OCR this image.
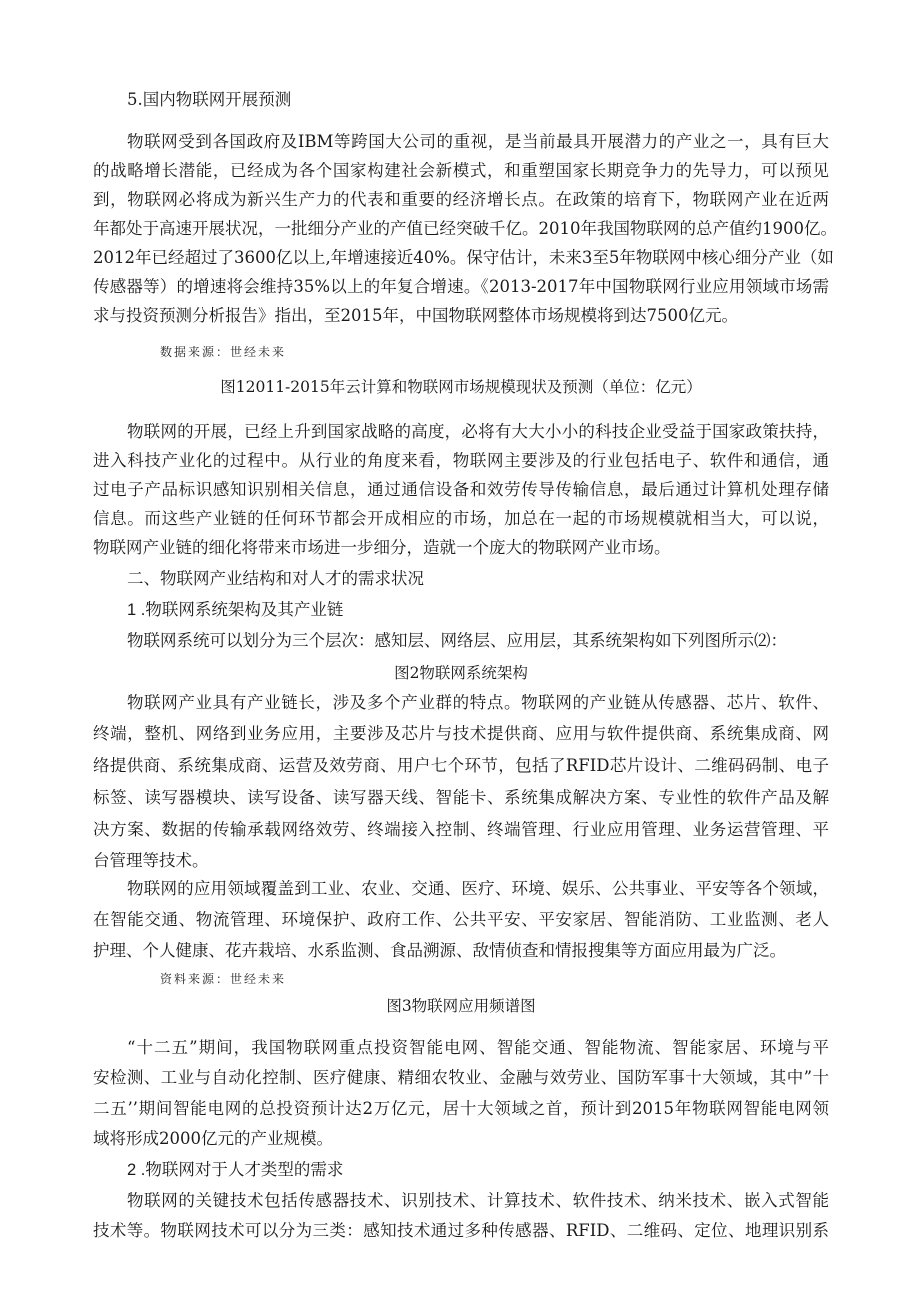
5.国内物联网开展预测
物联网受到各国政府及IBM等跨国大公司的重视，是当前最具开展潜力的产业之一，具有巨大
的战略增长潜能，已经成为各个国家构建社会新模式，和重塑国家长期竞争力的先导力，可以预见
到，物联网必将成为新兴生产力的代表和重要的经济增长点。在政策的培育下，物联网产业在近两
年都处于高速开展状况，一批细分产业的产值已经突破千亿。2010年我国物联网的总产值约1900亿。
2012年已经超过了3600亿以上,年增速接近40%。保守估计，未来3至5年物联网中核心细分产业（如
传感器等）的增速将会维持35%以上的年复合增速。《2013-2017年中国物联网行业应用领域市场需
求与投资预测分析报告》指出，至2015年，中国物联网整体市场规模将到达7500亿元。
数据来源：世经未来
图12011-2015年云计算和物联网市场规模现状及预测（单位：亿元）
物联网的开展，已经上升到国家战略的高度，必将有大大小小的科技企业受益于国家政策扶持，
进入科技产业化的过程中。从行业的角度来看，物联网主要涉及的行业包括电子、软件和通信，通
过电子产品标识感知识别相关信息，通过通信设备和效劳传导传输信息，最后通过计算机处理存储
信息。而这些产业链的任何环节都会开成相应的市场，加总在一起的市场规模就相当大，可以说，
物联网产业链的细化将带来市场进一步细分，造就一个庞大的物联网产业市场。
二、物联网产业结构和对人才的需求状况
1 .物联网系统架构及其产业链
物联网系统可以划分为三个层次：感知层、网络层、应用层，其系统架构如下列图所示⑵：
图2物联网系统架构
物联网产业具有产业链长，涉及多个产业群的特点。物联网的产业链从传感器、芯片、软件、
终端，整机、网络到业务应用，主要涉及芯片与技术提供商、应用与软件提供商、系统集成商、网
络提供商、系统集成商、运营及效劳商、用户七个环节，包括了RFID芯片设计、二维码码制、电子
标签、读写器模块、读写设备、读写器天线、智能卡、系统集成解决方案、专业性的软件产品及解
决方案、数据的传输承载网络效劳、终端接入控制、终端管理、行业应用管理、业务运营管理、平
台管理等技术。
物联网的应用领域覆盖到工业、农业、交通、医疗、环境、娱乐、公共事业、平安等各个领域，
在智能交通、物流管理、环境保护、政府工作、公共平安、平安家居、智能消防、工业监测、老人
护理、个人健康、花卉栽培、水系监测、食品溯源、敌情侦查和情报搜集等方面应用最为广泛。
资料来源：世经未来
图3物联网应用频谱图
“十二五”期间，我国物联网重点投资智能电网、智能交通、智能物流、智能家居、环境与平
安检测、工业与自动化控制、医疗健康、精细农牧业、金融与效劳业、国防军事十大领域，其中”十
二五’’期间智能电网的总投资预计达2万亿元，居十大领域之首，预计到2015年物联网智能电网领
域将形成2000亿元的产业规模。
2 .物联网对于人才类型的需求
物联网的关键技术包括传感器技术、识别技术、计算技术、软件技术、纳米技术、嵌入式智能
技术等。物联网技术可以分为三类：感知技术通过多种传感器、RFID、二维码、定位、地理识别系
